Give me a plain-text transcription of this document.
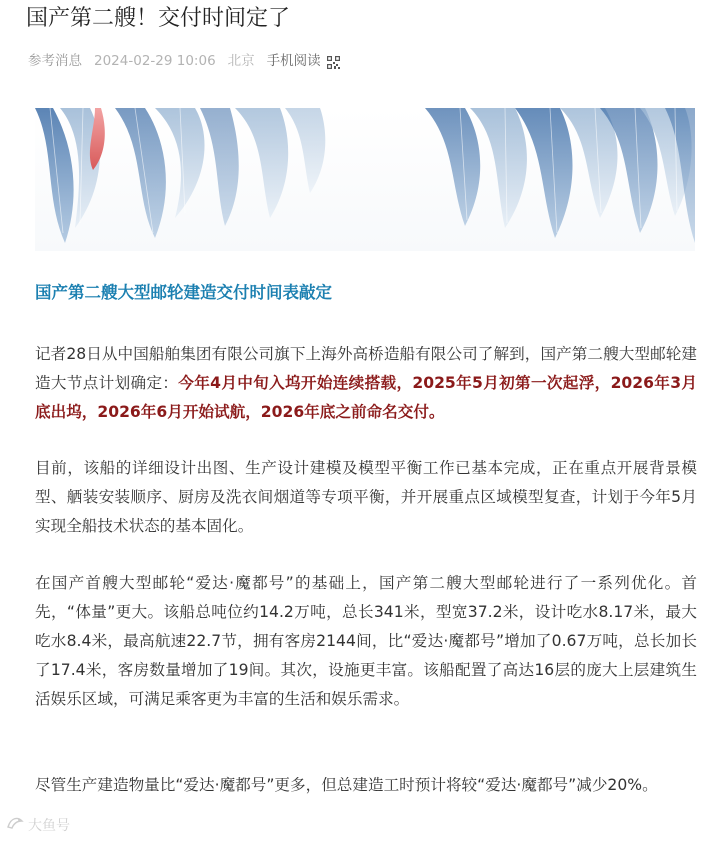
国产第二艘！交付时间定了
参考消息 2024-02-29 10:06 北京 手机阅读
国产第二艘大型邮轮建造交付时间表敲定
记者28日从中国船舶集团有限公司旗下上海外高桥造船有限公司了解到，国产第二艘大型邮轮建造大节点计划确定：今年4月中旬入坞开始连续搭载，2025年5月初第一次起浮，2026年3月底出坞，2026年6月开始试航，2026年底之前命名交付。
目前，该船的详细设计出图、生产设计建模及模型平衡工作已基本完成，正在重点开展背景模型、舾装安装顺序、厨房及洗衣间烟道等专项平衡，并开展重点区域模型复查，计划于今年5月实现全船技术状态的基本固化。
在国产首艘大型邮轮“爱达·魔都号”的基础上，国产第二艘大型邮轮进行了一系列优化。首先，“体量”更大。该船总吨位约14.2万吨，总长341米，型宽37.2米，设计吃水8.17米，最大吃水8.4米，最高航速22.7节，拥有客房2144间，比“爱达·魔都号”增加了0.67万吨，总长加长了17.4米，客房数量增加了19间。其次，设施更丰富。该船配置了高达16层的庞大上层建筑生活娱乐区域，可满足乘客更为丰富的生活和娱乐需求。
尽管生产建造物量比“爱达·魔都号”更多，但总建造工时预计将较“爱达·魔都号”减少20%。
大鱼号
